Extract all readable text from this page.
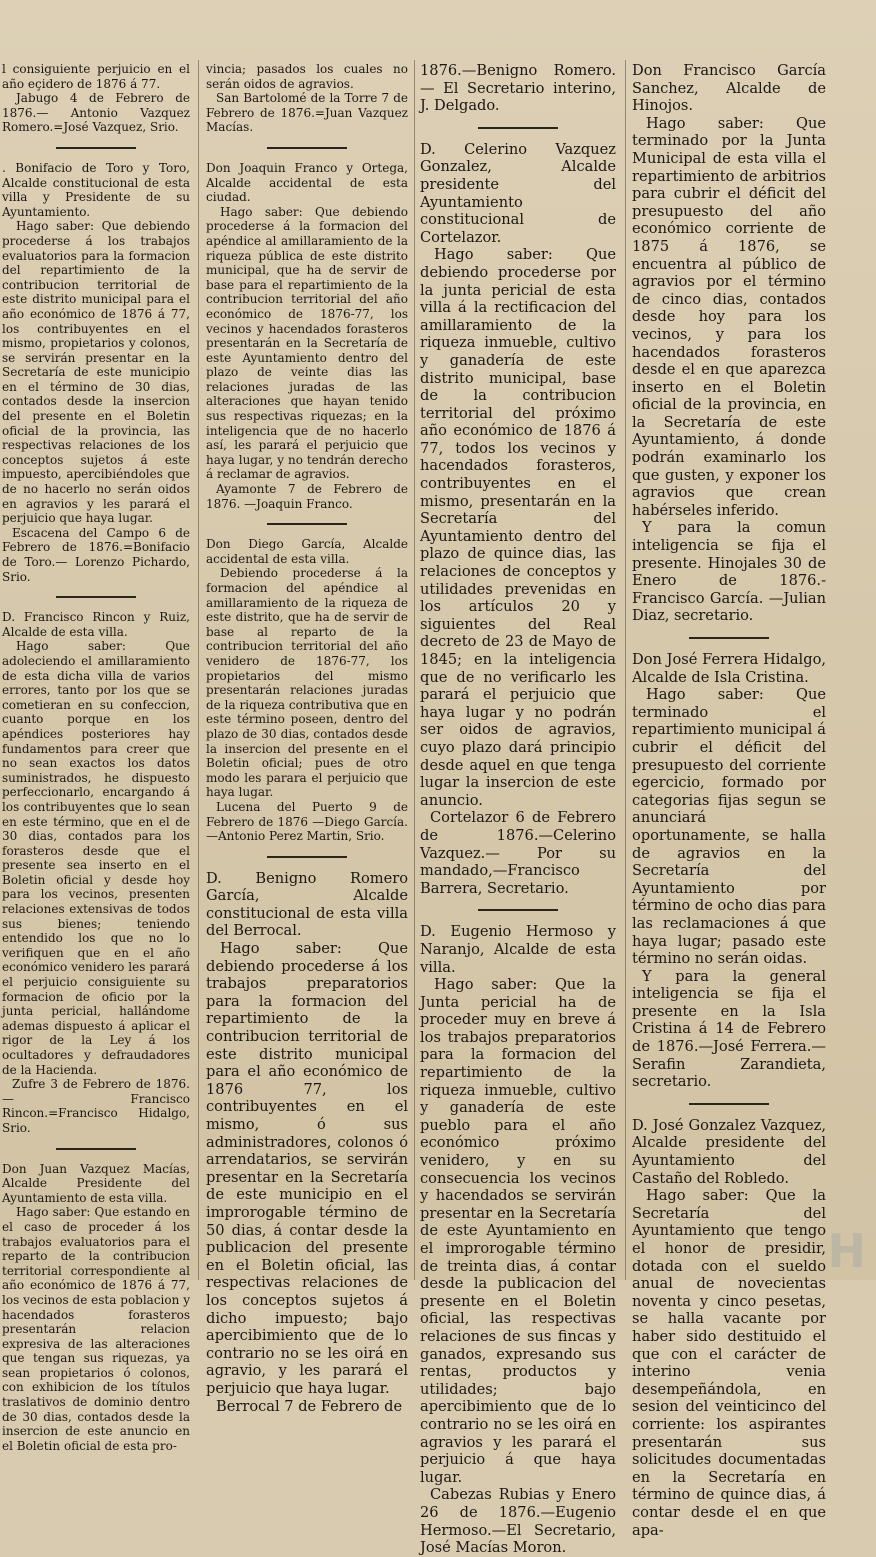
l consiguiente perjuicio en el año eçidero de 1876 á 77.

Jabugo 4 de Febrero de 1876.— Antonio Vazquez Romero.=José Vazquez, Srio.

. Bonifacio de Toro y Toro, Alcalde constitucional de esta villa y Presidente de su Ayuntamiento.

Hago saber: Que debiendo procederse á los trabajos evaluatorios para la formacion del repartimiento de la contribucion territorial de este distrito municipal para el año económico de 1876 á 77, los contribuyentes en el mismo, propietarios y colonos, se servirán presentar en la Secretaría de este municipio en el término de 30 dias, contados desde la insercion del presente en el Boletin oficial de la provincia, las respectivas relaciones de los conceptos sujetos á este impuesto, apercibiéndoles que de no hacerlo no serán oidos en agravios y les parará el perjuicio que haya lugar.

Escacena del Campo 6 de Febrero de 1876.=Bonifacio de Toro.— Lorenzo Pichardo, Srio.

D. Francisco Rincon y Ruiz, Alcalde de esta villa.

Hago saber: Que adoleciendo el amillaramiento de esta dicha villa de varios errores, tanto por los que se cometieran en su confeccion, cuanto porque en los apéndices posteriores hay fundamentos para creer que no sean exactos los datos suministrados, he dispuesto perfeccionarlo, encargando á los contribuyentes que lo sean en este término, que en el de 30 dias, contados para los forasteros desde que el presente sea inserto en el Boletin oficial y desde hoy para los vecinos, presenten relaciones extensivas de todos sus bienes; teniendo entendido los que no lo verifiquen que en el año económico venidero les parará el perjuicio consiguiente su formacion de oficio por la junta pericial, hallándome ademas dispuesto á aplicar el rigor de la Ley á los ocultadores y defraudadores de la Hacienda.

Zufre 3 de Febrero de 1876.— Francisco Rincon.=Francisco Hidalgo, Srio.

Don Juan Vazquez Macías, Alcalde Presidente del Ayuntamiento de esta villa.

Hago saber: Que estando en el caso de proceder á los trabajos evaluatorios para el reparto de la contribucion territorial correspondiente al año económico de 1876 á 77, los vecinos de esta poblacion y hacendados forasteros presentarán relacion expresiva de las alteraciones que tengan sus riquezas, ya sean propietarios ó colonos, con exhibicion de los títulos traslativos de dominio dentro de 30 dias, contados desde la insercion de este anuncio en el Boletin oficial de esta pro-

vincia; pasados los cuales no serán oidos de agravios.

San Bartolomé de la Torre 7 de Febrero de 1876.=Juan Vazquez Macías.

Don Joaquin Franco y Ortega, Alcalde accidental de esta ciudad.

Hago saber: Que debiendo procederse á la formacion del apéndice al amillaramiento de la riqueza pública de este distrito municipal, que ha de servir de base para el repartimiento de la contribucion territorial del año económico de 1876-77, los vecinos y hacendados forasteros presentarán en la Secretaría de este Ayuntamiento dentro del plazo de veinte dias las relaciones juradas de las alteraciones que hayan tenido sus respectivas riquezas; en la inteligencia que de no hacerlo así, les parará el perjuicio que haya lugar, y no tendrán derecho á reclamar de agravios.

Ayamonte 7 de Febrero de 1876. —Joaquin Franco.

Don Diego García, Alcalde accidental de esta villa.

Debiendo procederse á la formacion del apéndice al amillaramiento de la riqueza de este distrito, que ha de servir de base al reparto de la contribucion territorial del año venidero de 1876-77, los propietarios del mismo presentarán relaciones juradas de la riqueza contributiva que en este término poseen, dentro del plazo de 30 dias, contados desde la insercion del presente en el Boletin oficial; pues de otro modo les parara el perjuicio que haya lugar.

Lucena del Puerto 9 de Febrero de 1876 —Diego García.—Antonio Perez Martin, Srio.

D. Benigno Romero García, Alcalde constitucional de esta villa del Berrocal.

Hago saber: Que debiendo procederse á los trabajos preparatorios para la formacion del repartimiento de la contribucion territorial de este distrito municipal para el año económico de 1876 77, los contribuyentes en el mismo, ó sus administradores, colonos ó arrendatarios, se servirán presentar en la Secretaría de este municipio en el improrogable término de 50 dias, á contar desde la publicacion del presente en el Boletin oficial, las respectivas relaciones de los conceptos sujetos á dicho impuesto; bajo apercibimiento que de lo contrario no se les oirá en agravio, y les parará el perjuicio que haya lugar.

Berrocal 7 de Febrero de

1876.—Benigno Romero.— El Secretario interino, J. Delgado.

D. Celerino Vazquez Gonzalez, Alcalde presidente del Ayuntamiento constitucional de Cortelazor.

Hago saber: Que debiendo procederse por la junta pericial de esta villa á la rectificacion del amillaramiento de la riqueza inmueble, cultivo y ganadería de este distrito municipal, base de la contribucion territorial del próximo año económico de 1876 á 77, todos los vecinos y hacendados forasteros, contribuyentes en el mismo, presentarán en la Secretaría del Ayuntamiento dentro del plazo de quince dias, las relaciones de conceptos y utilidades prevenidas en los artículos 20 y siguientes del Real decreto de 23 de Mayo de 1845; en la inteligencia que de no verificarlo les parará el perjuicio que haya lugar y no podrán ser oidos de agravios, cuyo plazo dará principio desde aquel en que tenga lugar la insercion de este anuncio.

Cortelazor 6 de Febrero de 1876.—Celerino Vazquez.— Por su mandado,—Francisco Barrera, Secretario.

D. Eugenio Hermoso y Naranjo, Alcalde de esta villa.

Hago saber: Que la Junta pericial ha de proceder muy en breve á los trabajos preparatorios para la formacion del repartimiento de la riqueza inmueble, cultivo y ganadería de este pueblo para el año económico próximo venidero, y en su consecuencia los vecinos y hacendados se servirán presentar en la Secretaría de este Ayuntamiento en el improrogable término de treinta dias, á contar desde la publicacion del presente en el Boletin oficial, las respectivas relaciones de sus fincas y ganados, expresando sus rentas, productos y utilidades; bajo apercibimiento que de lo contrario no se les oirá en agravios y les parará el perjuicio á que haya lugar.

Cabezas Rubias y Enero 26 de 1876.—Eugenio Hermoso.—El Secretario, José Macías Moron.

Don Francisco García Sanchez, Alcalde de Hinojos.

Hago saber: Que terminado por la Junta Municipal de esta villa el repartimiento de arbitrios para cubrir el déficit del presupuesto del año económico corriente de 1875 á 1876, se encuentra al público de agravios por el término de cinco dias, contados desde hoy para los vecinos, y para los hacendados forasteros desde el en que aparezca inserto en el Boletin oficial de la provincia, en la Secretaría de este Ayuntamiento, á donde podrán examinarlo los que gusten, y exponer los agravios que crean habérseles inferido.

Y para la comun inteligencia se fija el presente. Hinojales 30 de Enero de 1876.- Francisco García. —Julian Diaz, secretario.

Don José Ferrera Hidalgo, Alcalde de Isla Cristina.

Hago saber: Que terminado el repartimiento municipal á cubrir el déficit del presupuesto del corriente egercicio, formado por categorias fijas segun se anunciará oportunamente, se halla de agravios en la Secretaría del Ayuntamiento por término de ocho dias para las reclamaciones á que haya lugar; pasado este término no serán oidas.

Y para la general inteligencia se fija el presente en la Isla Cristina á 14 de Febrero de 1876.—José Ferrera.— Serafin Zarandieta, secretario.

D. José Gonzalez Vazquez, Alcalde presidente del Ayuntamiento del Castaño del Robledo.

Hago saber: Que la Secretaría del Ayuntamiento que tengo el honor de presidir, dotada con el sueldo anual de novecientas noventa y cinco pesetas, se halla vacante por haber sido destituido el que con el carácter de interino venia desempeñándola, en sesion del veinticinco del corriente: los aspirantes presentarán sus solicitudes documentadas en la Secretaría en término de quince dias, á contar desde el en que apa-

H
